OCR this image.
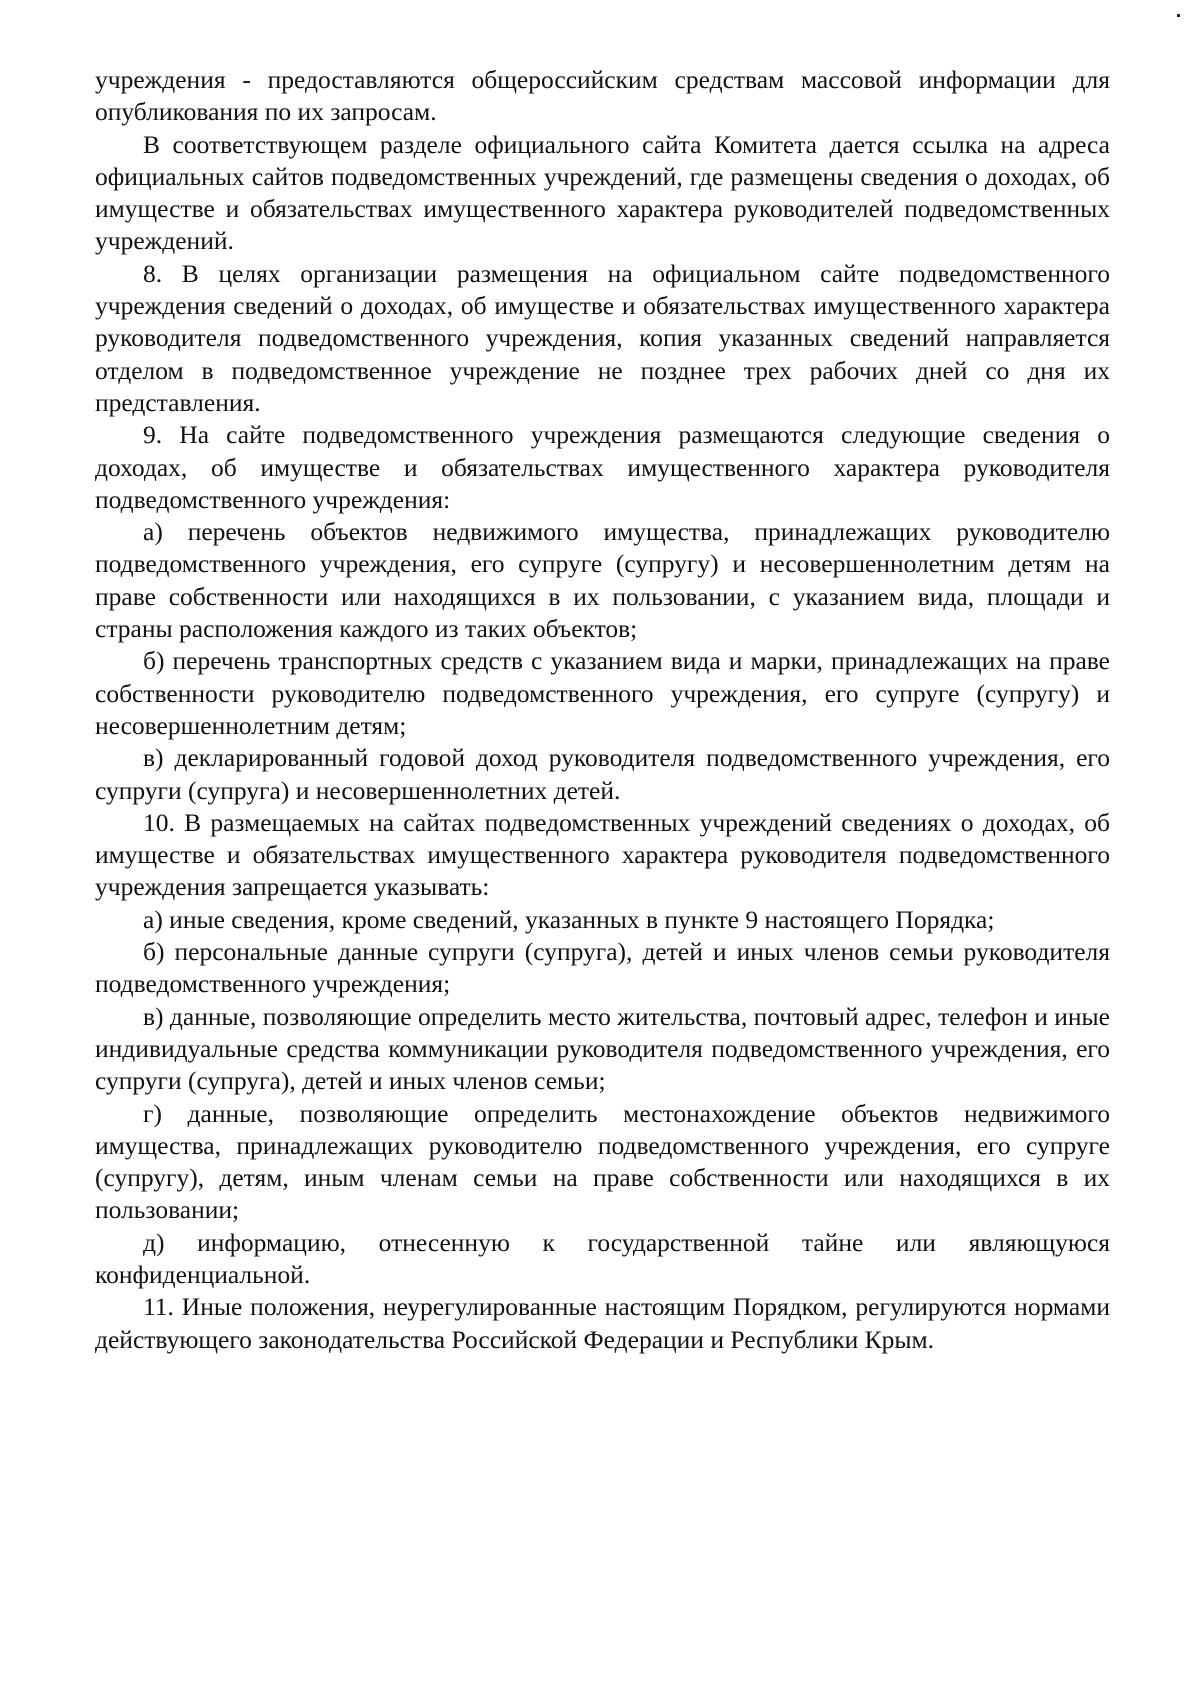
учреждения - предоставляются общероссийским средствам массовой информации для опубликования по их запросам.

В соответствующем разделе официального сайта Комитета дается ссылка на адреса официальных сайтов подведомственных учреждений, где размещены сведения о доходах, об имуществе и обязательствах имущественного характера руководителей подведомственных учреждений.

8. В целях организации размещения на официальном сайте подведомственного учреждения сведений о доходах, об имуществе и обязательствах имущественного характера руководителя подведомственного учреждения, копия указанных сведений направляется отделом в подведомственное учреждение не позднее трех рабочих дней со дня их представления.

9. На сайте подведомственного учреждения размещаются следующие сведения о доходах, об имуществе и обязательствах имущественного характера руководителя подведомственного учреждения:

а) перечень объектов недвижимого имущества, принадлежащих руководителю подведомственного учреждения, его супруге (супругу) и несовершеннолетним детям на праве собственности или находящихся в их пользовании, с указанием вида, площади и страны расположения каждого из таких объектов;

б) перечень транспортных средств с указанием вида и марки, принадлежащих на праве собственности руководителю подведомственного учреждения, его супруге (супругу) и несовершеннолетним детям;

в) декларированный годовой доход руководителя подведомственного учреждения, его супруги (супруга) и несовершеннолетних детей.

10. В размещаемых на сайтах подведомственных учреждений сведениях о доходах, об имуществе и обязательствах имущественного характера руководителя подведомственного учреждения запрещается указывать:

а) иные сведения, кроме сведений, указанных в пункте 9 настоящего Порядка;

б) персональные данные супруги (супруга), детей и иных членов семьи руководителя подведомственного учреждения;

в) данные, позволяющие определить место жительства, почтовый адрес, телефон и иные индивидуальные средства коммуникации руководителя подведомственного учреждения, его супруги (супруга), детей и иных членов семьи;

г) данные, позволяющие определить местонахождение объектов недвижимого имущества, принадлежащих руководителю подведомственного учреждения, его супруге (супругу), детям, иным членам семьи на праве собственности или находящихся в их пользовании;

д) информацию, отнесенную к государственной тайне или являющуюся конфиденциальной.

11. Иные положения, неурегулированные настоящим Порядком, регулируются нормами действующего законодательства Российской Федерации и Республики Крым.
